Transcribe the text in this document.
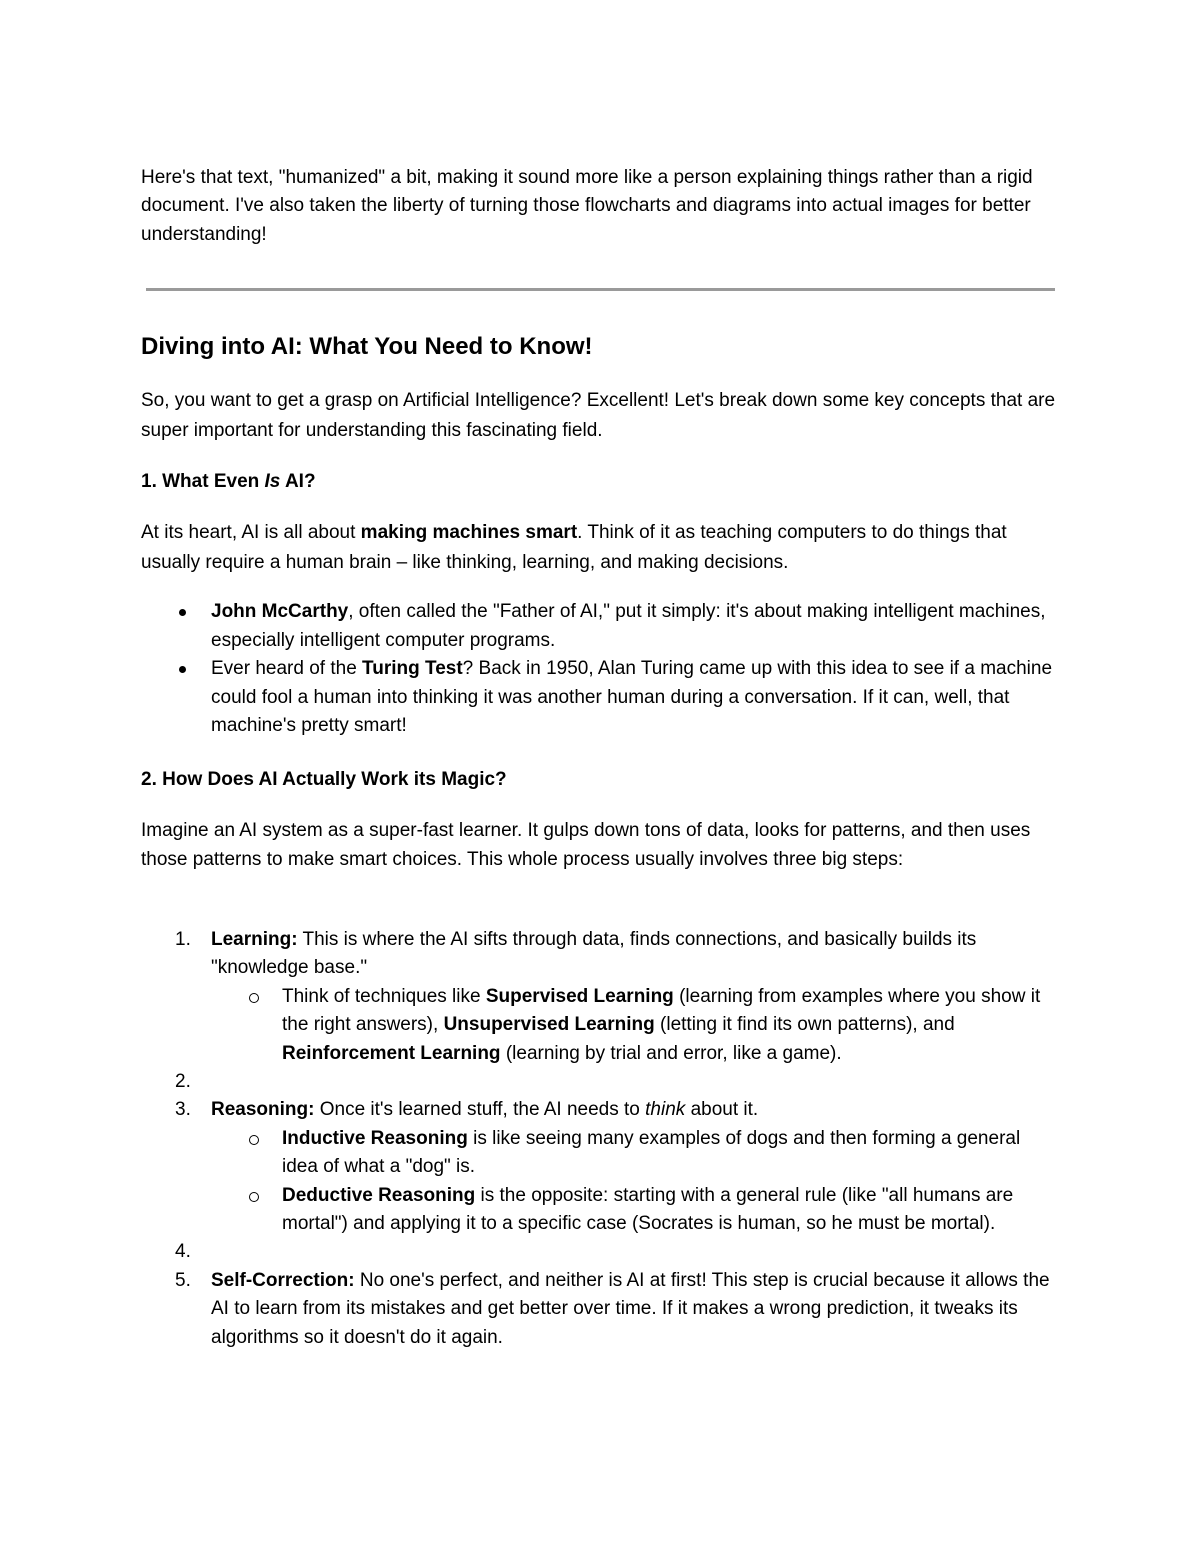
Here's that text, "humanized" a bit, making it sound more like a person explaining things rather than a rigid document. I've also taken the liberty of turning those flowcharts and diagrams into actual images for better understanding!

Diving into AI: What You Need to Know!

So, you want to get a grasp on Artificial Intelligence? Excellent! Let's break down some key concepts that are super important for understanding this fascinating field.

1. What Even Is AI?

At its heart, AI is all about making machines smart. Think of it as teaching computers to do things that usually require a human brain – like thinking, learning, and making decisions.

John McCarthy, often called the "Father of AI," put it simply: it's about making intelligent machines, especially intelligent computer programs.
Ever heard of the Turing Test? Back in 1950, Alan Turing came up with this idea to see if a machine could fool a human into thinking it was another human during a conversation. If it can, well, that machine's pretty smart!
2. How Does AI Actually Work its Magic?

Imagine an AI system as a super-fast learner. It gulps down tons of data, looks for patterns, and then uses those patterns to make smart choices. This whole process usually involves three big steps:

1. Learning: This is where the AI sifts through data, finds connections, and basically builds its "knowledge base."
Think of techniques like Supervised Learning (learning from examples where you show it the right answers), Unsupervised Learning (letting it find its own patterns), and Reinforcement Learning (learning by trial and error, like a game).
2.
3. Reasoning: Once it's learned stuff, the AI needs to think about it.
Inductive Reasoning is like seeing many examples of dogs and then forming a general idea of what a "dog" is.
Deductive Reasoning is the opposite: starting with a general rule (like "all humans are mortal") and applying it to a specific case (Socrates is human, so he must be mortal).
4.
5. Self-Correction: No one's perfect, and neither is AI at first! This step is crucial because it allows the AI to learn from its mistakes and get better over time. If it makes a wrong prediction, it tweaks its algorithms so it doesn't do it again.
